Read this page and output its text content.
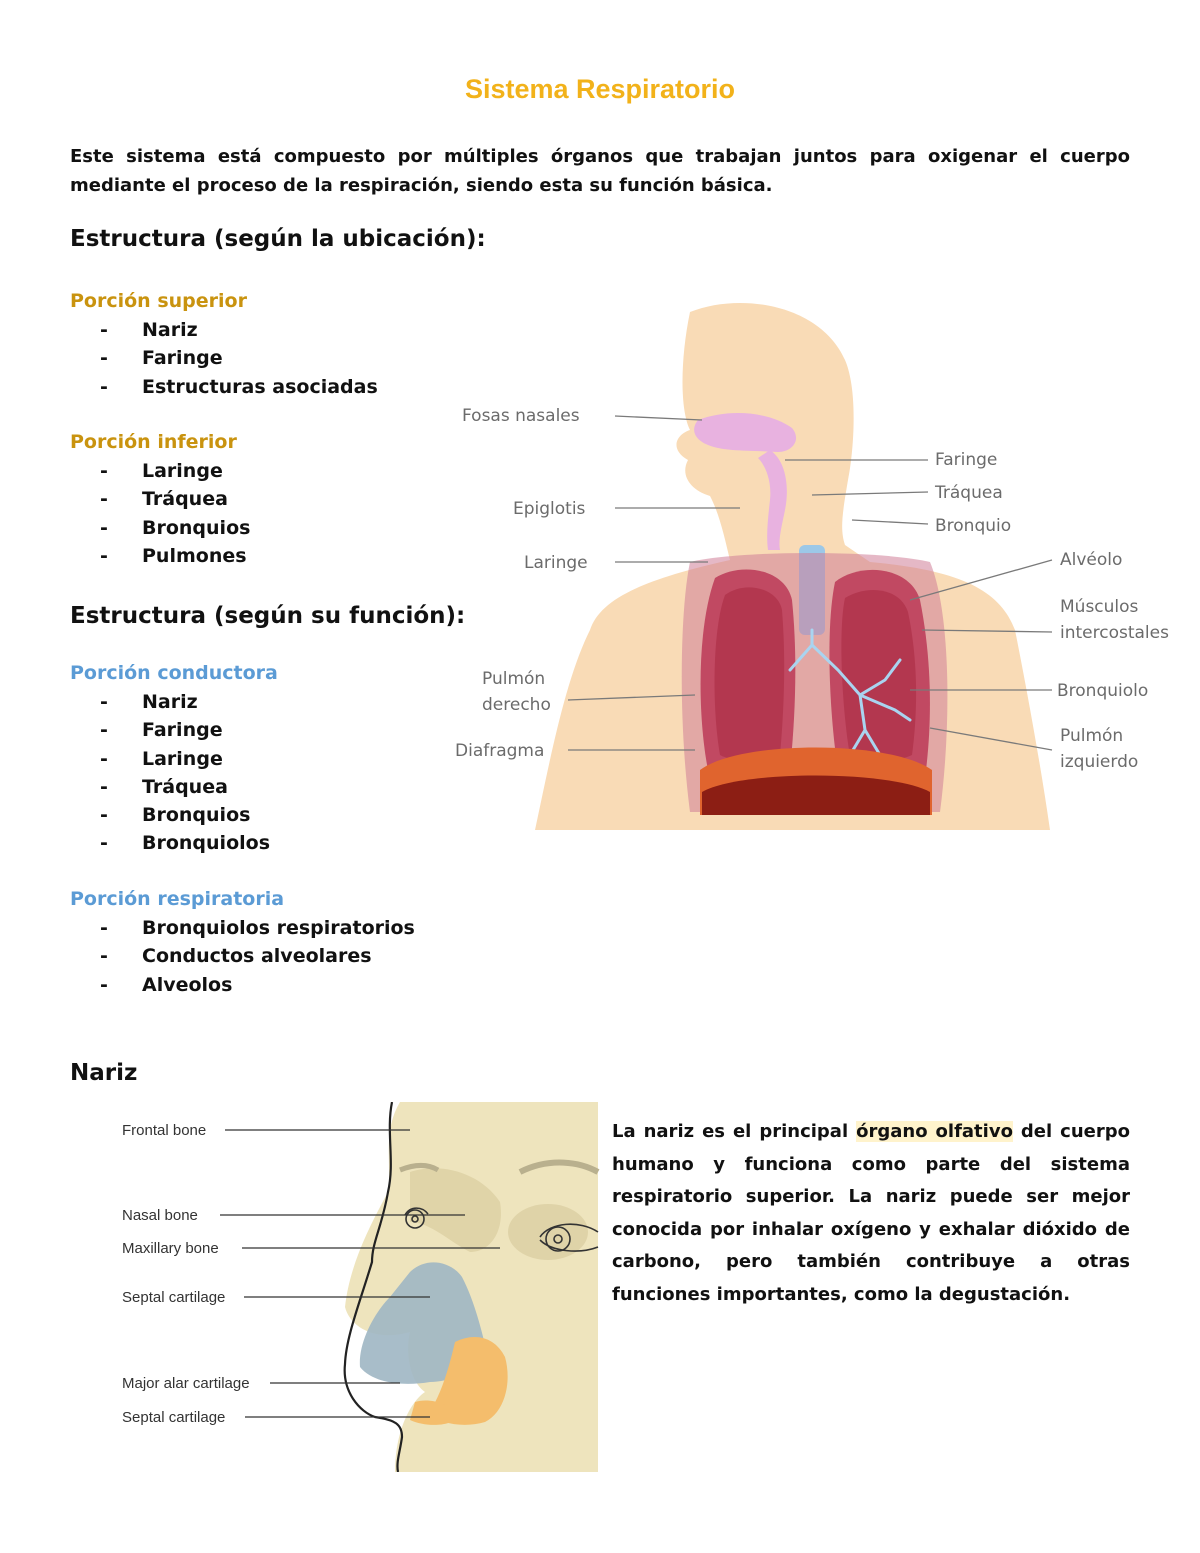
Sistema Respiratorio

Este sistema está compuesto por múltiples órganos que trabajan juntos para oxigenar el cuerpo mediante el proceso de la respiración, siendo esta su función básica.

Estructura (según la ubicación):
Porción superior
- Nariz
- Faringe
- Estructuras asociadas
Porción inferior
- Laringe
- Tráquea
- Bronquios
- Pulmones
Estructura (según su función):
Porción conductora
- Nariz
- Faringe
- Laringe
- Tráquea
- Bronquios
- Bronquiolos
Porción respiratoria
- Bronquiolos respiratorios
- Conductos alveolares
- Alveolos
Fosas nasales
Epiglotis
Laringe
Pulmón
derecho
Diafragma
Faringe
Tráquea
Bronquio
Alvéolo
Músculos
intercostales
Bronquiolo
Pulmón
izquierdo
Nariz
Frontal bone
Nasal bone
Maxillary bone
Septal cartilage
Major alar cartilage
Septal cartilage

La nariz es el principal órgano olfativo del cuerpo humano y funciona como parte del sistema respiratorio superior. La nariz puede ser mejor conocida por inhalar oxígeno y exhalar dióxido de carbono, pero también contribuye a otras funciones importantes, como la degustación.
